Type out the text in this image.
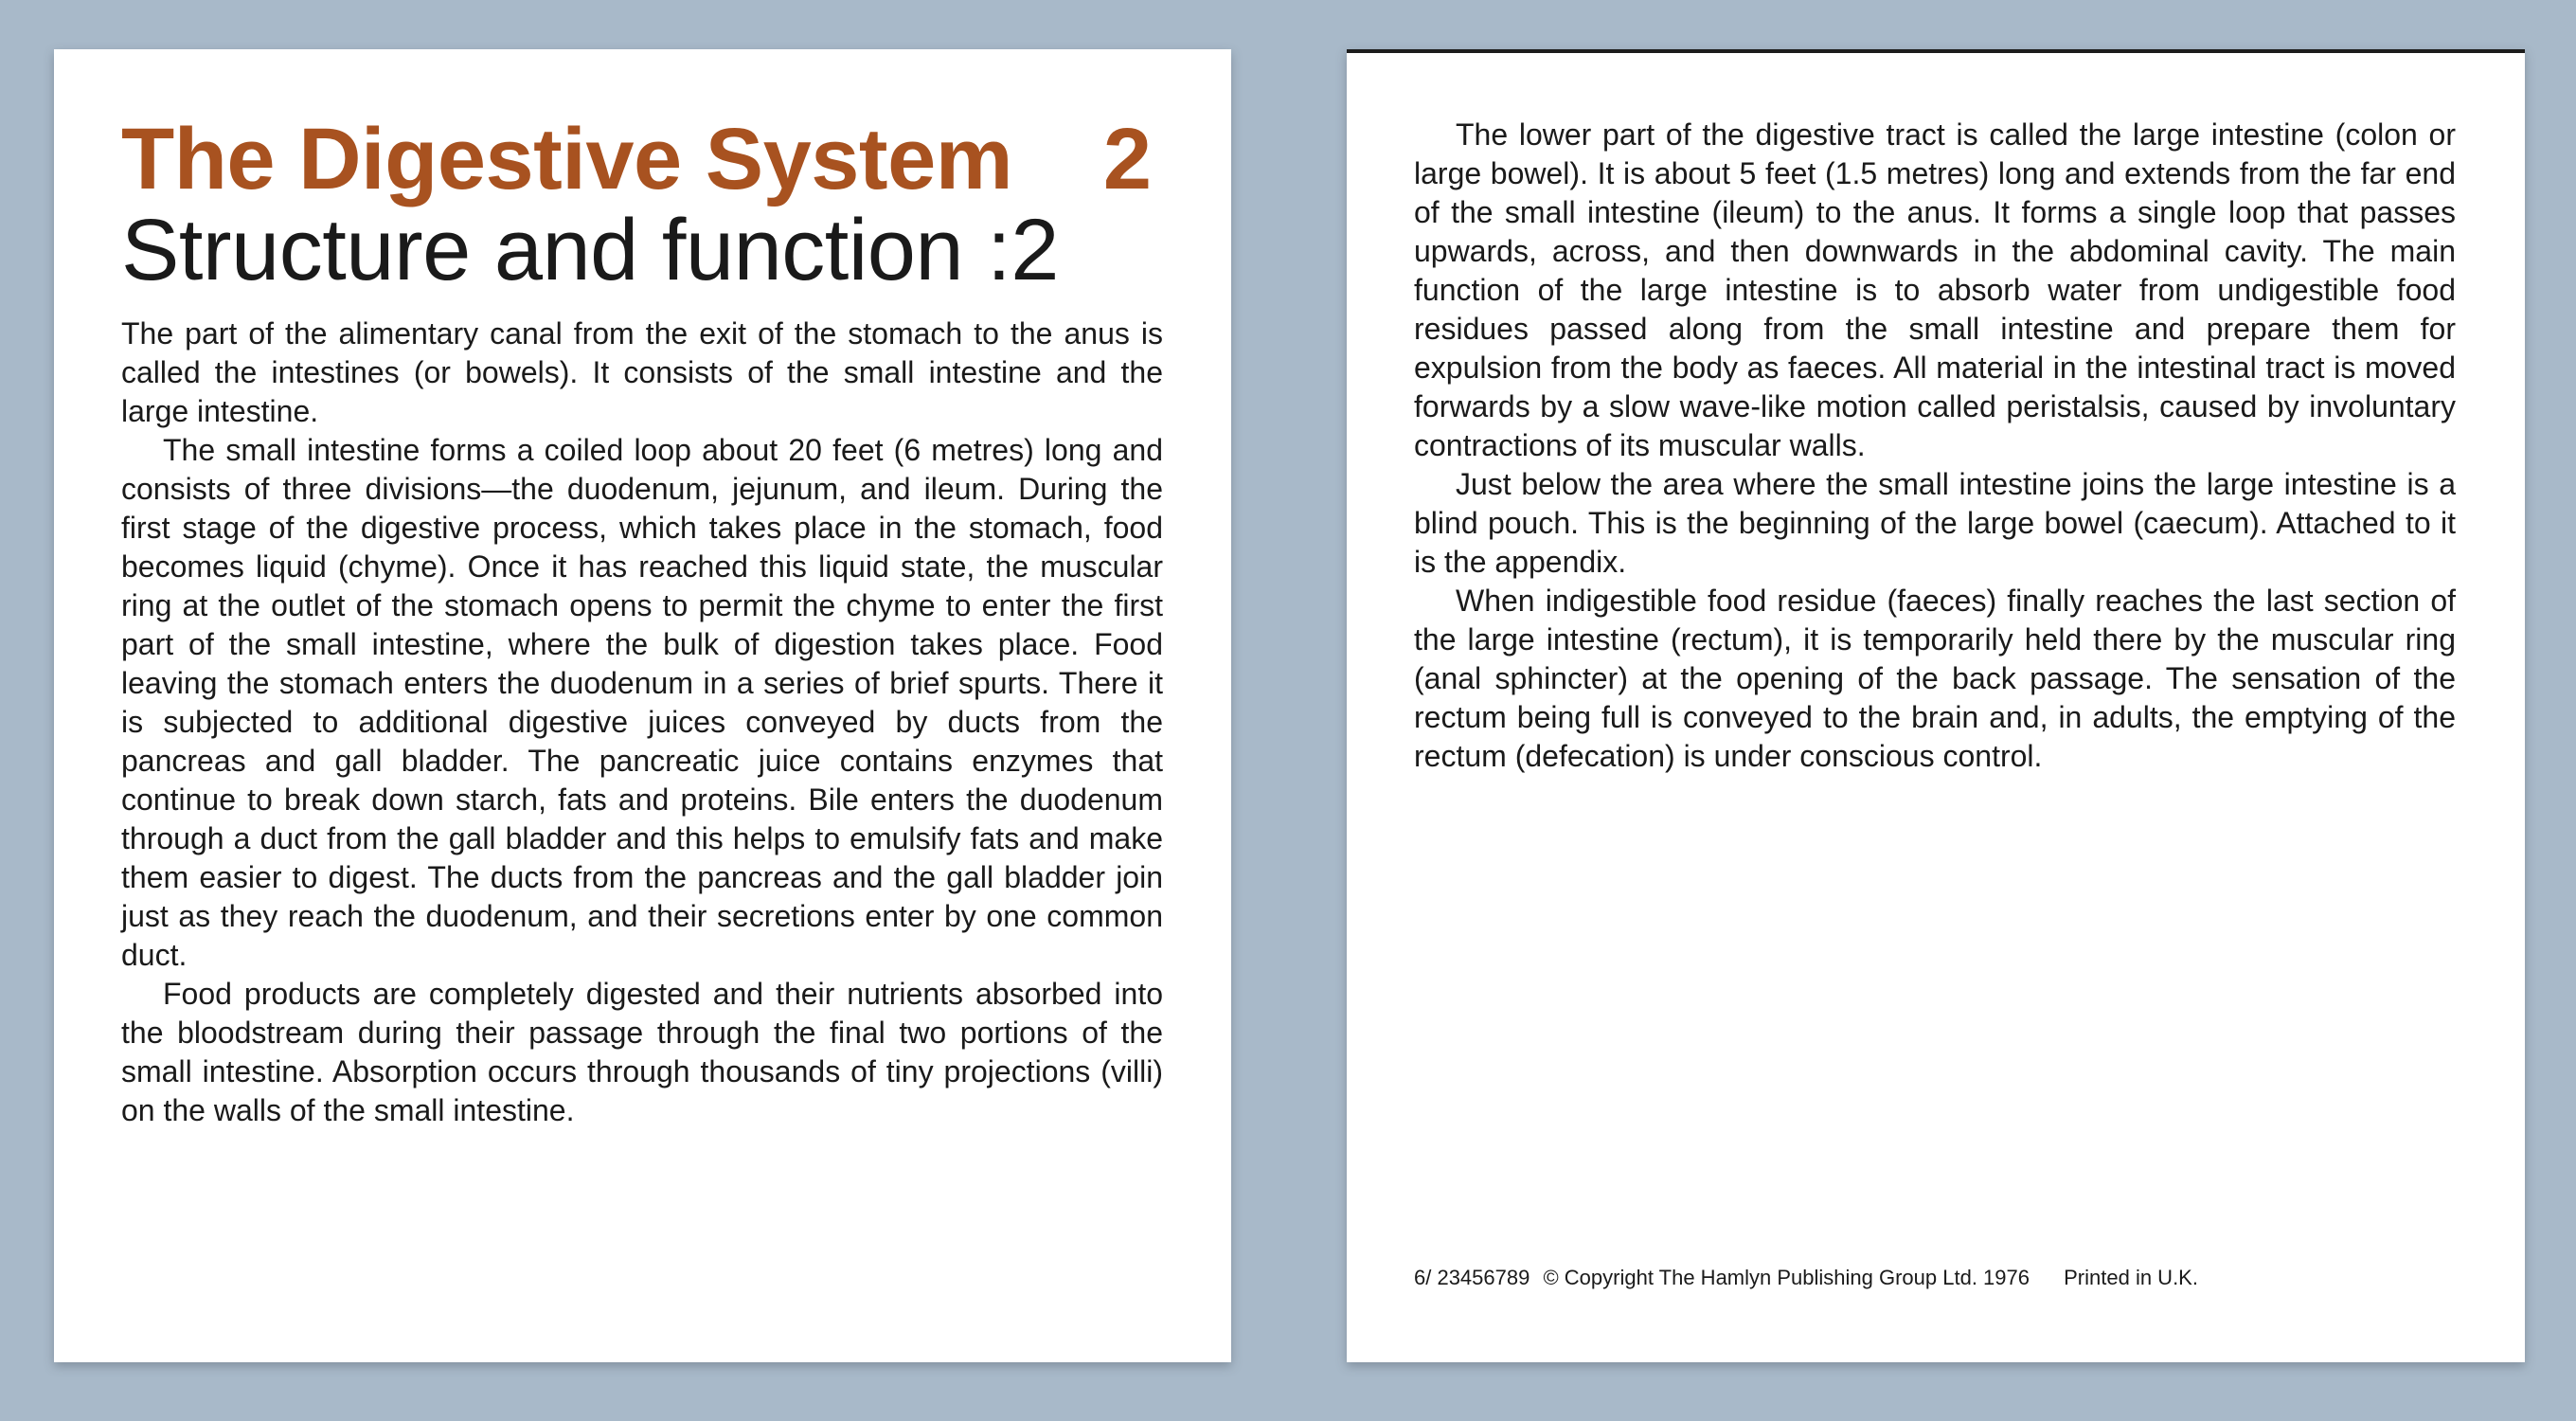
The Digestive System 2
Structure and function :2

The part of the alimentary canal from the exit of the stomach to the anus is called the intestines (or bowels). It consists of the small intestine and the large intestine.

The small intestine forms a coiled loop about 20 feet (6 metres) long and consists of three divisions—the duodenum, jejunum, and ileum. During the first stage of the digestive process, which takes place in the stomach, food becomes liquid (chyme). Once it has reached this liquid state, the muscular ring at the outlet of the stomach opens to permit the chyme to enter the first part of the small intestine, where the bulk of digestion takes place. Food leaving the stomach enters the duodenum in a series of brief spurts. There it is subjected to additional digestive juices conveyed by ducts from the pancreas and gall bladder. The pancreatic juice contains enzymes that continue to break down starch, fats and proteins. Bile enters the duodenum through a duct from the gall bladder and this helps to emulsify fats and make them easier to digest. The ducts from the pancreas and the gall bladder join just as they reach the duodenum, and their secretions enter by one common duct.

Food products are completely digested and their nutrients absorbed into the bloodstream during their passage through the final two portions of the small intestine. Absorption occurs through thousands of tiny projections (villi) on the walls of the small intestine.

The lower part of the digestive tract is called the large intestine (colon or large bowel). It is about 5 feet (1.5 metres) long and extends from the far end of the small intestine (ileum) to the anus. It forms a single loop that passes upwards, across, and then downwards in the abdominal cavity. The main function of the large intestine is to absorb water from undigestible food residues passed along from the small intestine and prepare them for expulsion from the body as faeces. All material in the intestinal tract is moved forwards by a slow wave-like motion called peristalsis, caused by involuntary contractions of its muscular walls.

Just below the area where the small intestine joins the large intestine is a blind pouch. This is the beginning of the large bowel (caecum). Attached to it is the appendix.

When indigestible food residue (faeces) finally reaches the last section of the large intestine (rectum), it is temporarily held there by the muscular ring (anal sphincter) at the opening of the back passage. The sensation of the rectum being full is conveyed to the brain and, in adults, the emptying of the rectum (defecation) is under conscious control.

6/ 23456789 © Copyright The Hamlyn Publishing Group Ltd. 1976 Printed in U.K.
